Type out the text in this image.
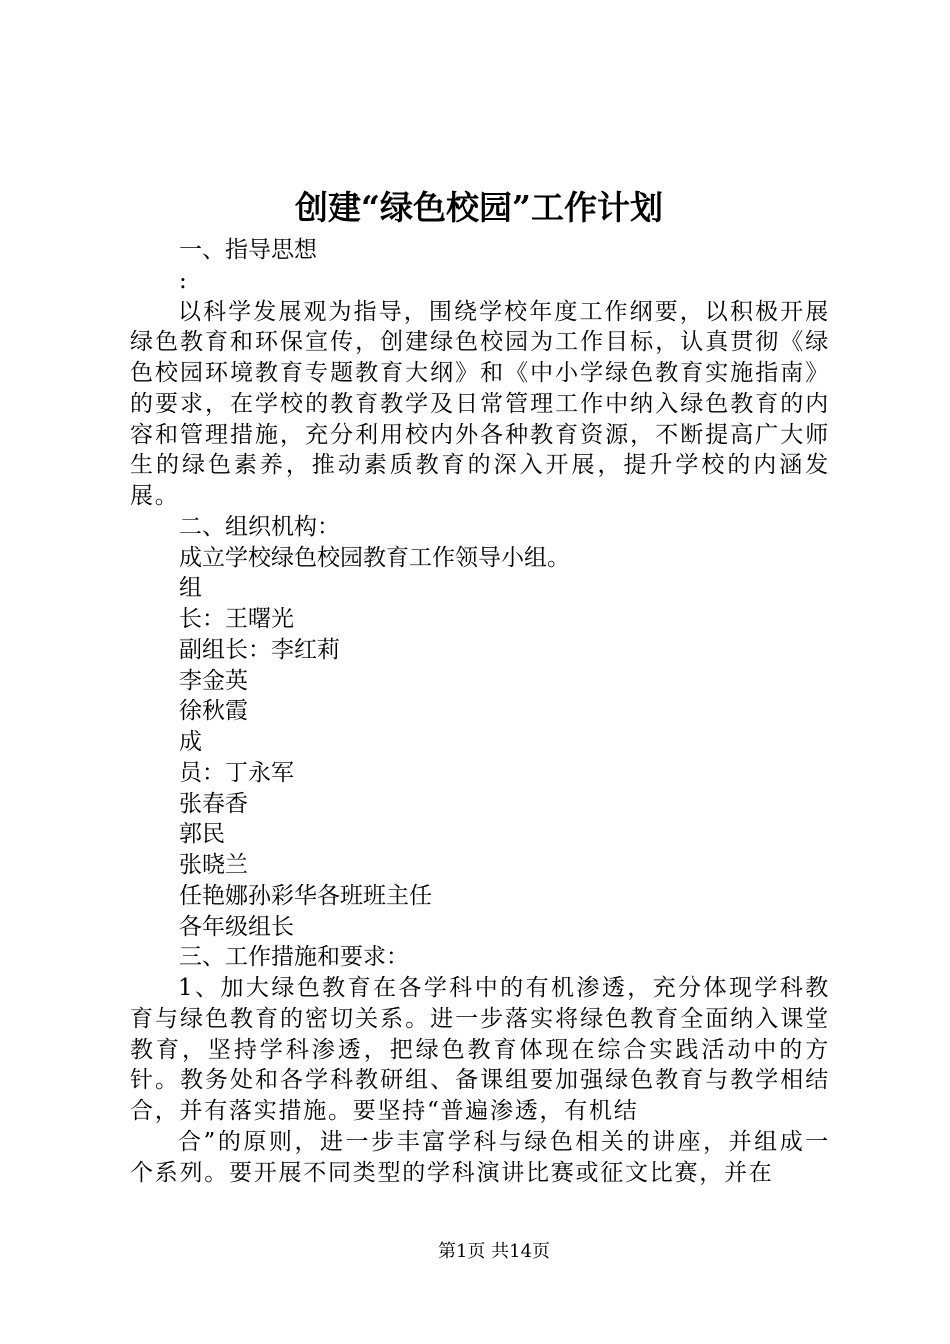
创建“绿色校园”工作计划

一、指导思想

:

以科学发展观为指导，围绕学校年度工作纲要，以积极开展绿色教育和环保宣传，创建绿色校园为工作目标，认真贯彻《绿色校园环境教育专题教育大纲》和《中小学绿色教育实施指南》的要求，在学校的教育教学及日常管理工作中纳入绿色教育的内容和管理措施，充分利用校内外各种教育资源，不断提高广大师生的绿色素养，推动素质教育的深入开展，提升学校的内涵发展。

二、组织机构：

成立学校绿色校园教育工作领导小组。

组

长：王曙光

副组长：李红莉

李金英

徐秋霞

成

员：丁永军

张春香

郭民

张晓兰

任艳娜孙彩华各班班主任

各年级组长

三、工作措施和要求：

1、加大绿色教育在各学科中的有机渗透，充分体现学科教育与绿色教育的密切关系。进一步落实将绿色教育全面纳入课堂教育，坚持学科渗透，把绿色教育体现在综合实践活动中的方针。教务处和各学科教研组、备课组要加强绿色教育与教学相结合，并有落实措施。要坚持“普遍渗透，有机结

合”的原则，进一步丰富学科与绿色相关的讲座，并组成一个系列。要开展不同类型的学科演讲比赛或征文比赛，并在

第1页 共14页
